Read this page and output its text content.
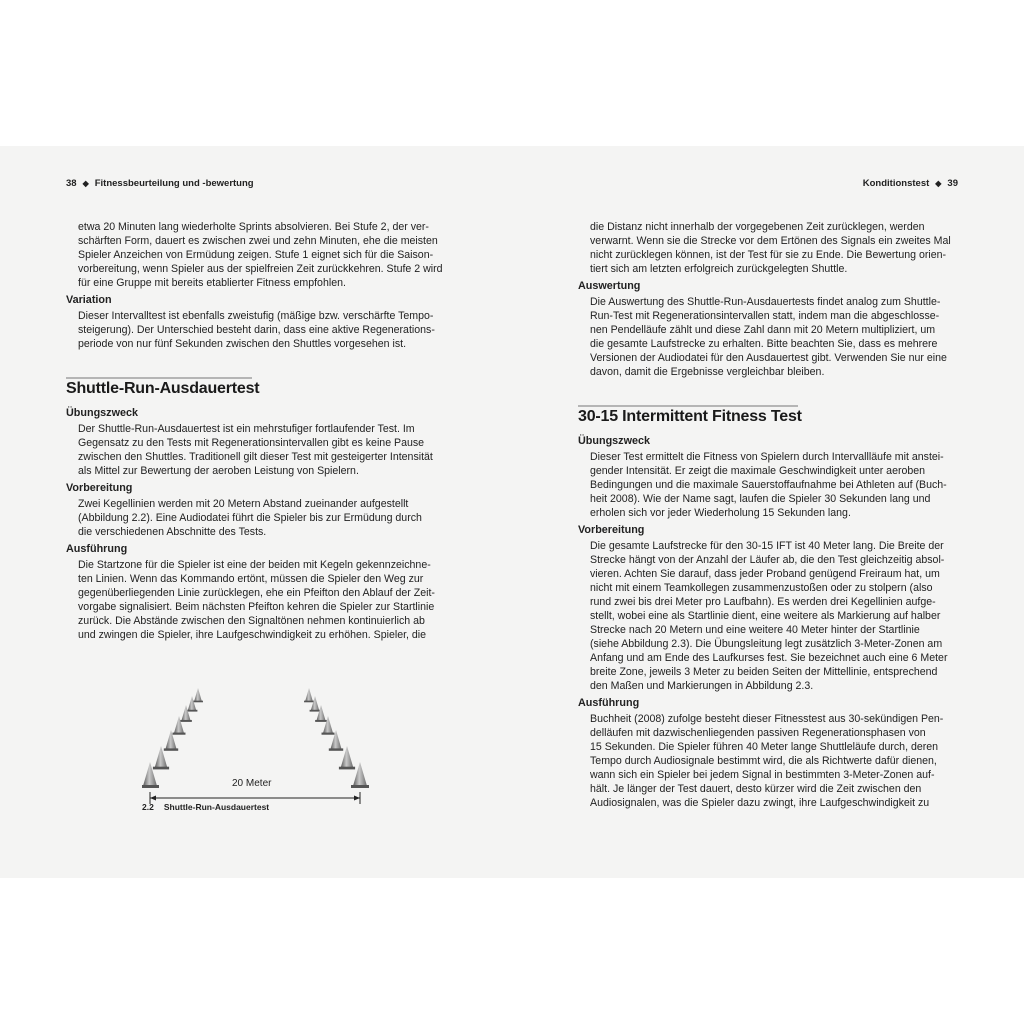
38 ◆ Fitnessbeurteilung und -bewertung

etwa 20 Minuten lang wiederholte Sprints absolvieren. Bei Stufe 2, der ver-
schärften Form, dauert es zwischen zwei und zehn Minuten, ehe die meisten
Spieler Anzeichen von Ermüdung zeigen. Stufe 1 eignet sich für die Saison-
vorbereitung, wenn Spieler aus der spielfreien Zeit zurückkehren. Stufe 2 wird
für eine Gruppe mit bereits etablierter Fitness empfohlen.

Variation

Dieser Intervalltest ist ebenfalls zweistufig (mäßige bzw. verschärfte Tempo-
steigerung). Der Unterschied besteht darin, dass eine aktive Regenerations-
periode von nur fünf Sekunden zwischen den Shuttles vorgesehen ist.

Shuttle-Run-Ausdauertest
Übungszweck

Der Shuttle-Run-Ausdauertest ist ein mehrstufiger fortlaufender Test. Im
Gegensatz zu den Tests mit Regenerationsintervallen gibt es keine Pause
zwischen den Shuttles. Traditionell gilt dieser Test mit gesteigerter Intensität
als Mittel zur Bewertung der aeroben Leistung von Spielern.

Vorbereitung

Zwei Kegellinien werden mit 20 Metern Abstand zueinander aufgestellt
(Abbildung 2.2). Eine Audiodatei führt die Spieler bis zur Ermüdung durch
die verschiedenen Abschnitte des Tests.

Ausführung

Die Startzone für die Spieler ist eine der beiden mit Kegeln gekennzeichne-
ten Linien. Wenn das Kommando ertönt, müssen die Spieler den Weg zur
gegenüberliegenden Linie zurücklegen, ehe ein Pfeifton den Ablauf der Zeit-
vorgabe signalisiert. Beim nächsten Pfeifton kehren die Spieler zur Startlinie
zurück. Die Abstände zwischen den Signaltönen nehmen kontinuierlich ab
und zwingen die Spieler, ihre Laufgeschwindigkeit zu erhöhen. Spieler, die

20 Meter
2.2 Shuttle-Run-Ausdauertest
Konditionstest ◆ 39

die Distanz nicht innerhalb der vorgegebenen Zeit zurücklegen, werden
verwarnt. Wenn sie die Strecke vor dem Ertönen des Signals ein zweites Mal
nicht zurücklegen können, ist der Test für sie zu Ende. Die Bewertung orien-
tiert sich am letzten erfolgreich zurückgelegten Shuttle.

Auswertung

Die Auswertung des Shuttle-Run-Ausdauertests findet analog zum Shuttle-
Run-Test mit Regenerationsintervallen statt, indem man die abgeschlosse-
nen Pendelläufe zählt und diese Zahl dann mit 20 Metern multipliziert, um
die gesamte Laufstrecke zu erhalten. Bitte beachten Sie, dass es mehrere
Versionen der Audiodatei für den Ausdauertest gibt. Verwenden Sie nur eine
davon, damit die Ergebnisse vergleichbar bleiben.

30-15 Intermittent Fitness Test
Übungszweck

Dieser Test ermittelt die Fitness von Spielern durch Intervallläufe mit anstei-
gender Intensität. Er zeigt die maximale Geschwindigkeit unter aeroben
Bedingungen und die maximale Sauerstoffaufnahme bei Athleten auf (Buch-
heit 2008). Wie der Name sagt, laufen die Spieler 30 Sekunden lang und
erholen sich vor jeder Wiederholung 15 Sekunden lang.

Vorbereitung

Die gesamte Laufstrecke für den 30-15 IFT ist 40 Meter lang. Die Breite der
Strecke hängt von der Anzahl der Läufer ab, die den Test gleichzeitig absol-
vieren. Achten Sie darauf, dass jeder Proband genügend Freiraum hat, um
nicht mit einem Teamkollegen zusammenzustoßen oder zu stolpern (also
rund zwei bis drei Meter pro Laufbahn). Es werden drei Kegellinien aufge-
stellt, wobei eine als Startlinie dient, eine weitere als Markierung auf halber
Strecke nach 20 Metern und eine weitere 40 Meter hinter der Startlinie
(siehe Abbildung 2.3). Die Übungsleitung legt zusätzlich 3-Meter-Zonen am
Anfang und am Ende des Laufkurses fest. Sie bezeichnet auch eine 6 Meter
breite Zone, jeweils 3 Meter zu beiden Seiten der Mittellinie, entsprechend
den Maßen und Markierungen in Abbildung 2.3.

Ausführung

Buchheit (2008) zufolge besteht dieser Fitnesstest aus 30-sekündigen Pen-
delläufen mit dazwischenliegenden passiven Regenerationsphasen von
15 Sekunden. Die Spieler führen 40 Meter lange Shuttleläufe durch, deren
Tempo durch Audiosignale bestimmt wird, die als Richtwerte dafür dienen,
wann sich ein Spieler bei jedem Signal in bestimmten 3-Meter-Zonen auf-
hält. Je länger der Test dauert, desto kürzer wird die Zeit zwischen den
Audiosignalen, was die Spieler dazu zwingt, ihre Laufgeschwindigkeit zu
